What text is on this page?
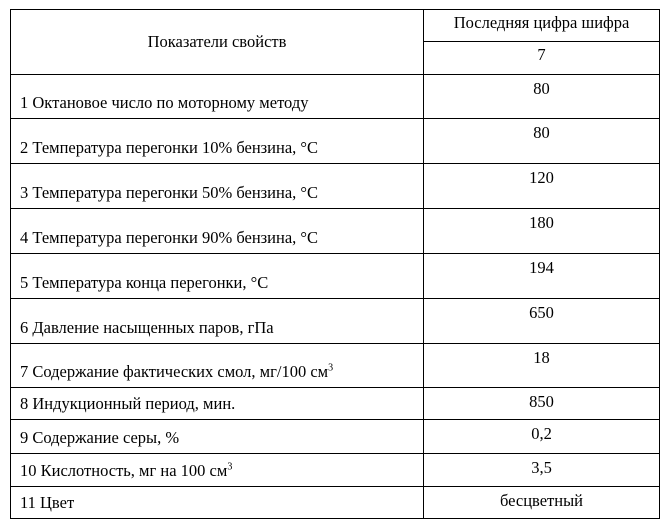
Показатели свойств	Последняя цифра шифра

	7

1 Октановое число по моторному методу	80

2 Температура перегонки 10% бензина, °С	80

3 Температура перегонки 50% бензина, °С	120

4 Температура перегонки 90% бензина, °С	180

5 Температура конца перегонки, °С	194

6 Давление насыщенных паров, гПа	650

7 Содержание фактических смол, мг/100 $см^3$	18

8 Индукционный период, мин.	850

9 Содержание серы, %	0,2

10 Кислотность, мг на 100 $см^3$	3,5

11 Цвет	бесцветный
